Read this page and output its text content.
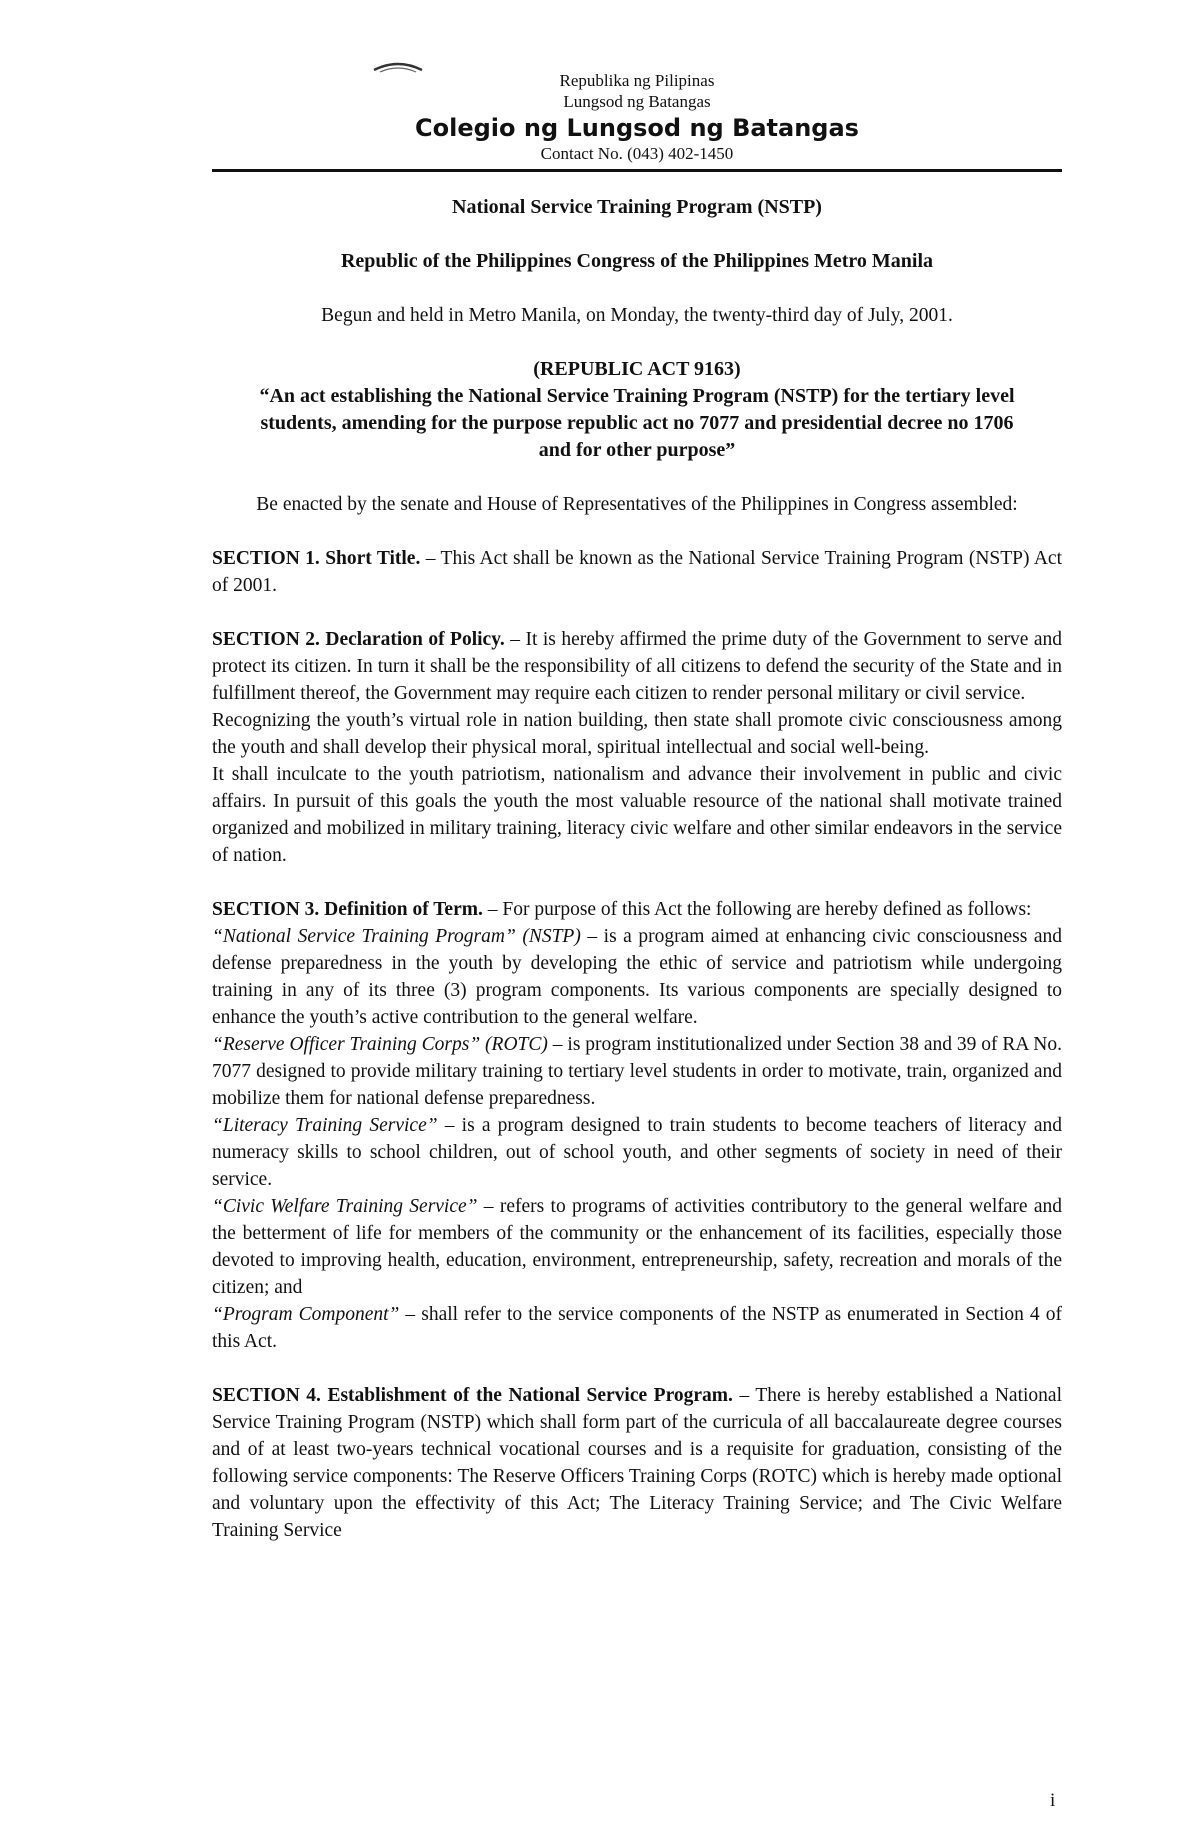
Republika ng Pilipinas
Lungsod ng Batangas
Colegio ng Lungsod ng Batangas
Contact No. (043) 402-1450

National Service Training Program (NSTP)

Republic of the Philippines Congress of the Philippines Metro Manila

Begun and held in Metro Manila, on Monday, the twenty-third day of July, 2001.

(REPUBLIC ACT 9163)
“An act establishing the National Service Training Program (NSTP) for the tertiary level students, amending for the purpose republic act no 7077 and presidential decree no 1706 and for other purpose”

Be enacted by the senate and House of Representatives of the Philippines in Congress assembled:

SECTION 1. Short Title. – This Act shall be known as the National Service Training Program (NSTP) Act of 2001.

SECTION 2. Declaration of Policy. – It is hereby affirmed the prime duty of the Government to serve and protect its citizen. In turn it shall be the responsibility of all citizens to defend the security of the State and in fulfillment thereof, the Government may require each citizen to render personal military or civil service.

Recognizing the youth’s virtual role in nation building, then state shall promote civic consciousness among the youth and shall develop their physical moral, spiritual intellectual and social well-being.

It shall inculcate to the youth patriotism, nationalism and advance their involvement in public and civic affairs. In pursuit of this goals the youth the most valuable resource of the national shall motivate trained organized and mobilized in military training, literacy civic welfare and other similar endeavors in the service of nation.

SECTION 3. Definition of Term. – For purpose of this Act the following are hereby defined as follows:

“National Service Training Program” (NSTP) – is a program aimed at enhancing civic consciousness and defense preparedness in the youth by developing the ethic of service and patriotism while undergoing training in any of its three (3) program components. Its various components are specially designed to enhance the youth’s active contribution to the general welfare.

“Reserve Officer Training Corps” (ROTC) – is program institutionalized under Section 38 and 39 of RA No. 7077 designed to provide military training to tertiary level students in order to motivate, train, organized and mobilize them for national defense preparedness.

“Literacy Training Service” – is a program designed to train students to become teachers of literacy and numeracy skills to school children, out of school youth, and other segments of society in need of their service.

“Civic Welfare Training Service” – refers to programs of activities contributory to the general welfare and the betterment of life for members of the community or the enhancement of its facilities, especially those devoted to improving health, education, environment, entrepreneurship, safety, recreation and morals of the citizen; and

“Program Component” – shall refer to the service components of the NSTP as enumerated in Section 4 of this Act.

SECTION 4. Establishment of the National Service Program. – There is hereby established a National Service Training Program (NSTP) which shall form part of the curricula of all baccalaureate degree courses and of at least two-years technical vocational courses and is a requisite for graduation, consisting of the following service components: The Reserve Officers Training Corps (ROTC) which is hereby made optional and voluntary upon the effectivity of this Act; The Literacy Training Service; and The Civic Welfare Training Service

i
